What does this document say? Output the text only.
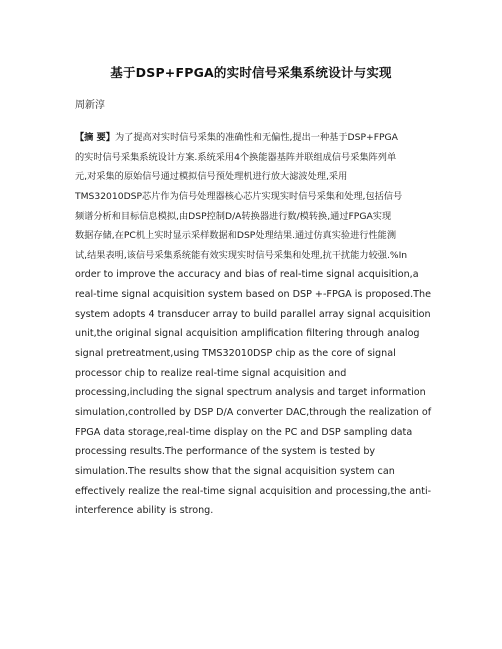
基于DSP+FPGA的实时信号采集系统设计与实现
周新淳
【摘 要】为了提高对实时信号采集的准确性和无偏性,提出一种基于DSP+FPGA
的实时信号采集系统设计方案.系统采用4个换能器基阵并联组成信号采集阵列单
元,对采集的原始信号通过模拟信号预处理机进行放大滤波处理,采用
TMS32010DSP芯片作为信号处理器核心芯片实现实时信号采集和处理,包括信号
频谱分析和目标信息模拟,由DSP控制D/A转换器进行数/模转换,通过FPGA实现
数据存储,在PC机上实时显示采样数据和DSP处理结果.通过仿真实验进行性能测
试,结果表明,该信号采集系统能有效实现实时信号采集和处理,抗干扰能力较强.%In
order to improve the accuracy and bias of real-time signal acquisition,a
real-time signal acquisition system based on DSP +-FPGA is proposed.The
system adopts 4 transducer array to build parallel array signal acquisition
unit,the original signal acquisition amplification filtering through analog
signal pretreatment,using TMS32010DSP chip as the core of signal
processor chip to realize real-time signal acquisition and
processing,including the signal spectrum analysis and target information
simulation,controlled by DSP D/A converter DAC,through the realization of
FPGA data storage,real-time display on the PC and DSP sampling data
processing results.The performance of the system is tested by
simulation.The results show that the signal acquisition system can
effectively realize the real-time signal acquisition and processing,the anti-
interference ability is strong.
